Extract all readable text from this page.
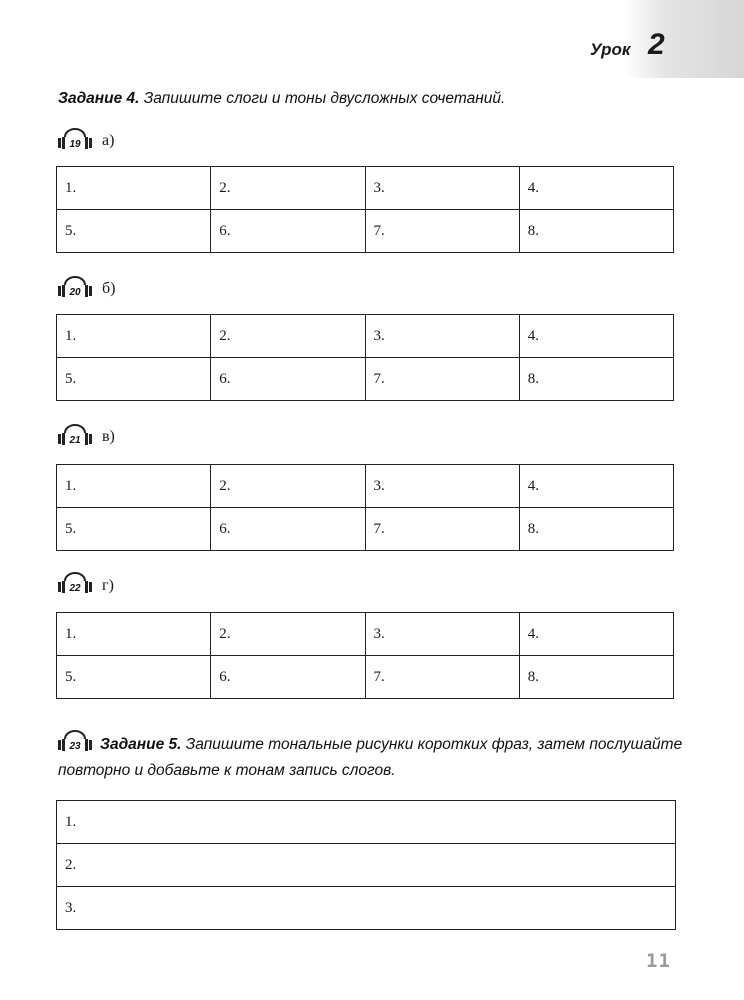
Урок 2
Задание 4. Запишите слоги и тоны двусложных сочетаний.
19 а)
1.	2.	3.	4.
5.	6.	7.	8.
20 б)
1.	2.	3.	4.
5.	6.	7.	8.
21 в)
1.	2.	3.	4.
5.	6.	7.	8.
22 г)
1.	2.	3.	4.
5.	6.	7.	8.
23 Задание 5. Запишите тональные рисунки коротких фраз, затем послушайте
повторно и добавьте к тонам запись слогов.
1.
2.
3.
11
